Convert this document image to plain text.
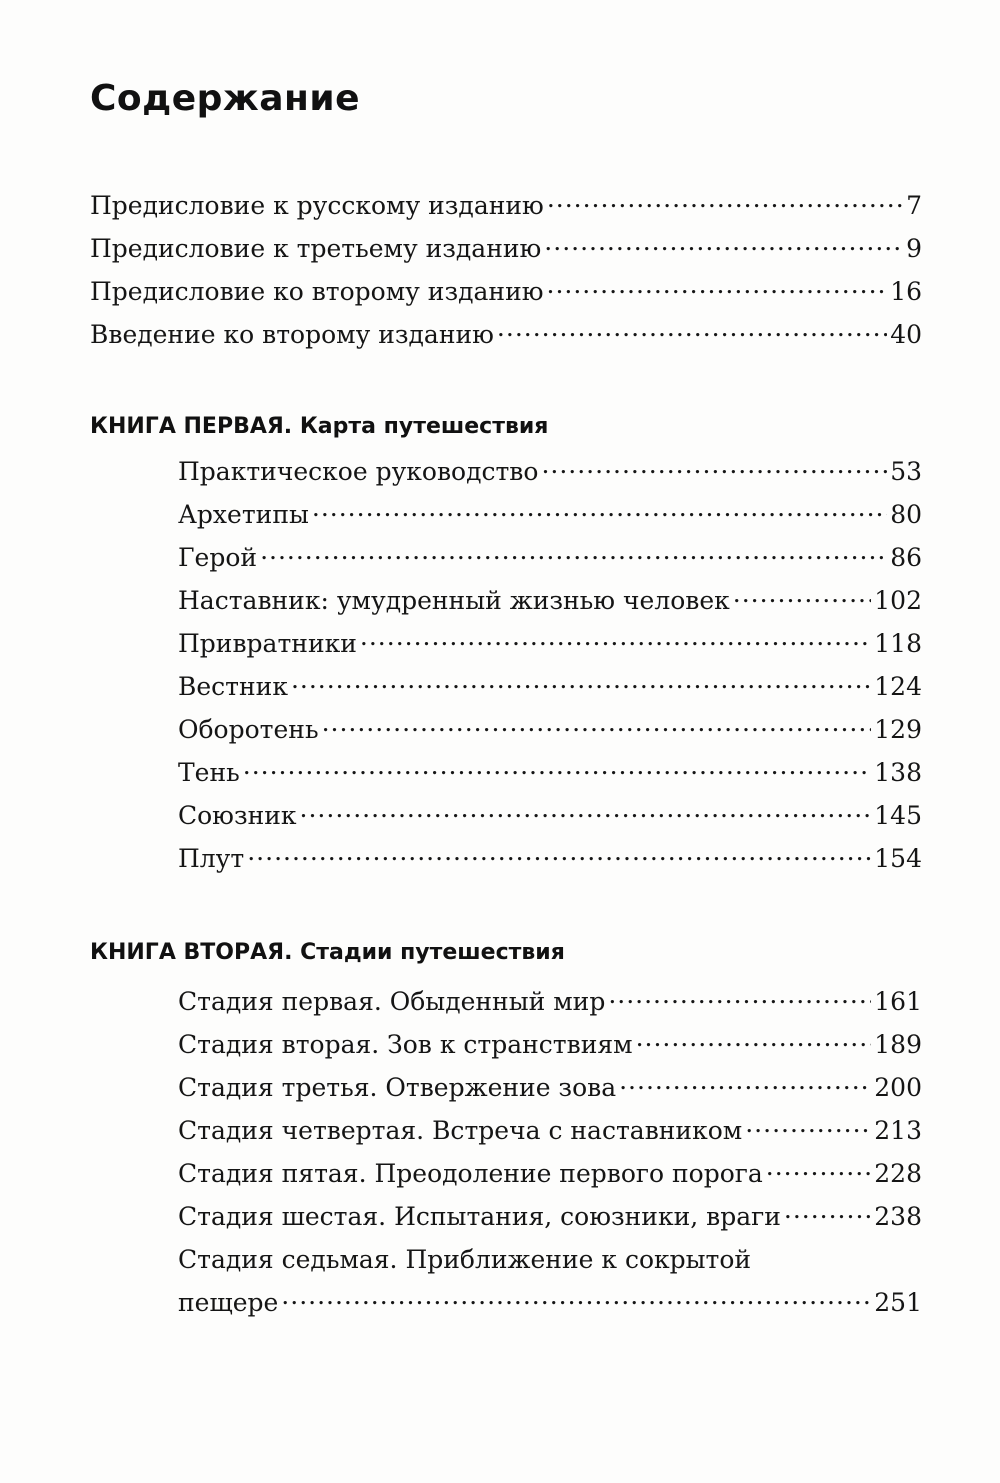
Содержание
Предисловие к русскому изданию .....	7
Предисловие к третьему изданию .....	9
Предисловие ко второму изданию .....	16
Введение ко второму изданию .....	40
КНИГА ПЕРВАЯ. Карта путешествия
Практическое руководство .....	53
Архетипы .....	80
Герой .....	86
Наставник: умудренный жизнью человек .....	102
Привратники .....	118
Вестник .....	124
Оборотень .....	129
Тень .....	138
Союзник .....	145
Плут .....	154
КНИГА ВТОРАЯ. Стадии путешествия
Стадия первая. Обыденный мир .....	161
Стадия вторая. Зов к странствиям .....	189
Стадия третья. Отвержение зова .....	200
Стадия четвертая. Встреча с наставником .....	213
Стадия пятая. Преодоление первого порога .....	228
Стадия шестая. Испытания, союзники, враги .....	238
Стадия седьмая. Приближение к сокрытой
пещере .....	251
